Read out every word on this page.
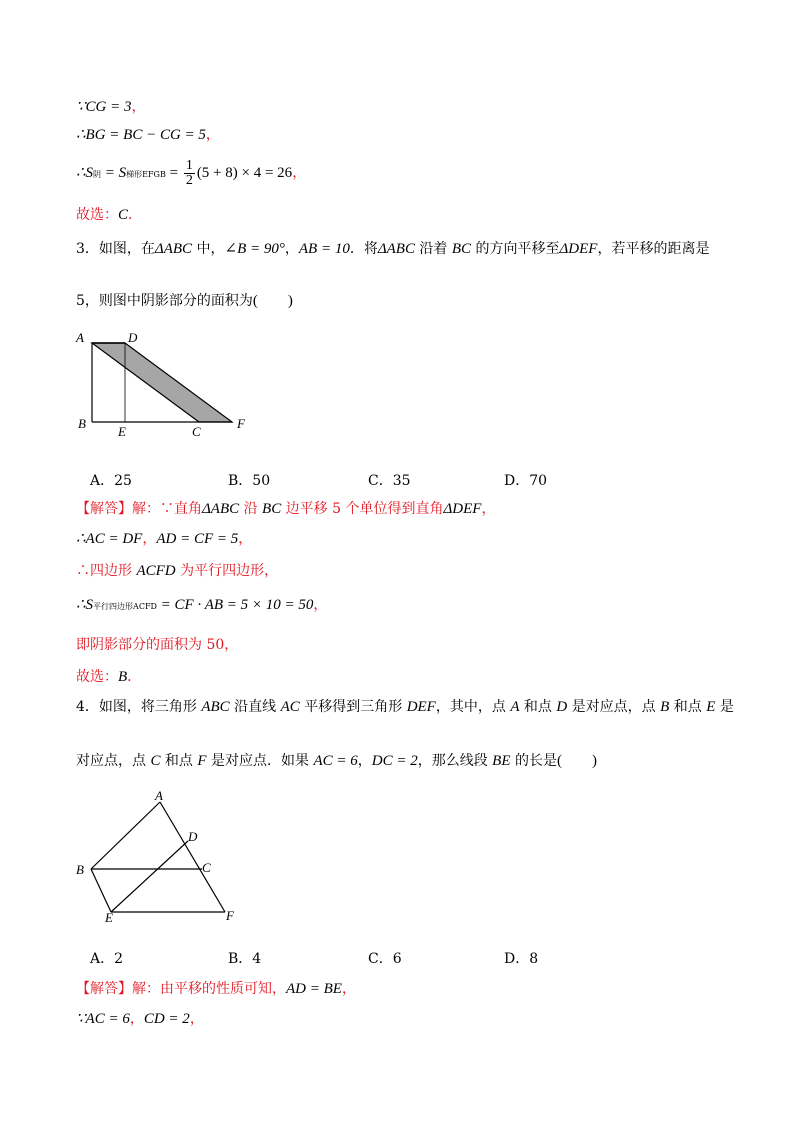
∵CG = 3，
∴BG = BC − CG = 5，
∴S阴 = S梯形EFGB = $\frac{1}{2} (5 + 8) \times 4 = 26$，
故选：C．
3．如图，在ΔABC 中，∠B = 90°，AB = 10．将ΔABC 沿着 BC 的方向平移至ΔDEF，若平移的距离是
5，则图中阴影部分的面积为(　　)
A	D
B
E	C
F
A．25	B．50	C．35	D．70
【解答】解：∵直角ΔABC 沿 BC 边平移 5 个单位得到直角ΔDEF，
∴AC = DF，AD = CF = 5，
∴四边形 ACFD 为平行四边形，
∴S平行四边形ACFD = CF · AB = 5 × 10 = 50，
即阴影部分的面积为 50，
故选：B．
4．如图，将三角形 ABC 沿直线 AC 平移得到三角形 DEF，其中，点 A 和点 D 是对应点，点 B 和点 E 是
对应点，点 C 和点 F 是对应点．如果 AC = 6，DC = 2，那么线段 BE 的长是(　　)
A
D
B	C
E	F
A．2	B．4	C．6	D．8
【解答】解：由平移的性质可知，AD = BE，
∵AC = 6，CD = 2，
